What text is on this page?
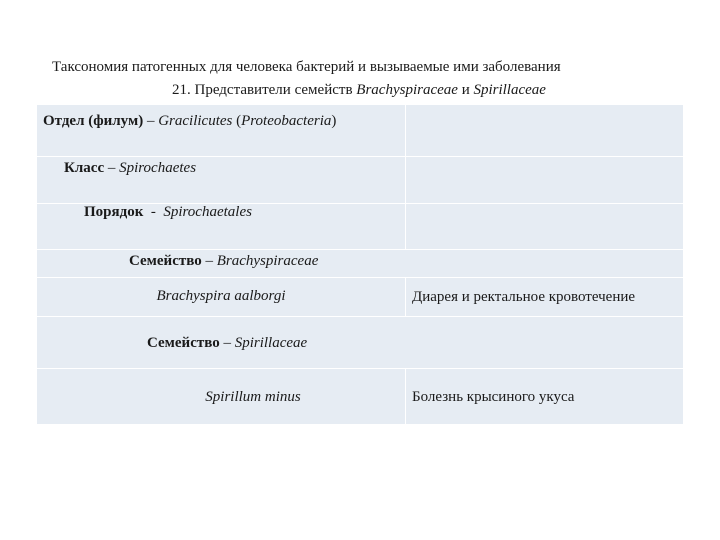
Таксономия патогенных для человека бактерий и вызываемые ими заболевания
21. Представители семейств Brachyspiraceae и Spirillaceae
Отдел (филум) – Gracilicutes (Proteobacteria)
Класс – Spirochaetes
Порядок  -  Spirochaetales
Семейство – Brachyspiraceae
Brachyspira aalborgi	Диарея и ректальное кровотечение
Семейство – Spirillaceae
Spirillum minus	Болезнь крысиного укуса
